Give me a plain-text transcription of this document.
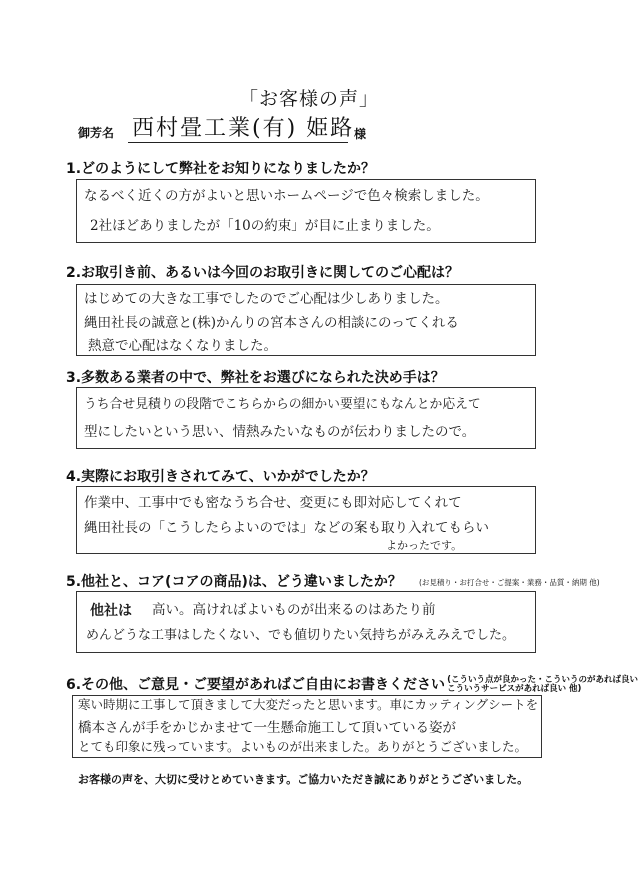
「お客様の声」
御芳名 西村畳工業(有) 姫路 様
1.どのようにして弊社をお知りになりましたか？
なるべく近くの方がよいと思いホームページで色々検索しました。
2社ほどありましたが「10の約束」が目に止まりました。
2.お取引き前、あるいは今回のお取引きに関してのご心配は？
はじめての大きな工事でしたのでご心配は少しありました。
縄田社長の誠意と(株)かんりの宮本さんの相談にのってくれる
熱意で心配はなくなりました。
3.多数ある業者の中で、弊社をお選びになられた決め手は？
うち合せ見積りの段階でこちらからの細かい要望にもなんとか応えて
型にしたいという思い、情熱みたいなものが伝わりましたので。
4.実際にお取引きされてみて、いかがでしたか？
作業中、工事中でも密なうち合せ、変更にも即対応してくれて
縄田社長の「こうしたらよいのでは」などの案も取り入れてもらい
よかったです。
5.他社と、コア(コアの商品)は、どう違いましたか？ (お見積り・お打合せ・ご提案・業務・品質・納期 他)
他社は 高い。高ければよいものが出来るのはあたり前
めんどうな工事はしたくない、でも値切りたい気持ちがみえみえでした。
6.その他、ご意見・ご要望があればご自由にお書きください (こういう点が良かった・こういうのがあれば良い
こういうサービスがあれば良い 他)
寒い時期に工事して頂きまして大変だったと思います。車にカッティングシートを
橋本さんが手をかじかませて一生懸命施工して頂いている姿が
とても印象に残っています。よいものが出来ました。ありがとうございました。
お客様の声を、大切に受けとめていきます。ご協力いただき誠にありがとうございました。
